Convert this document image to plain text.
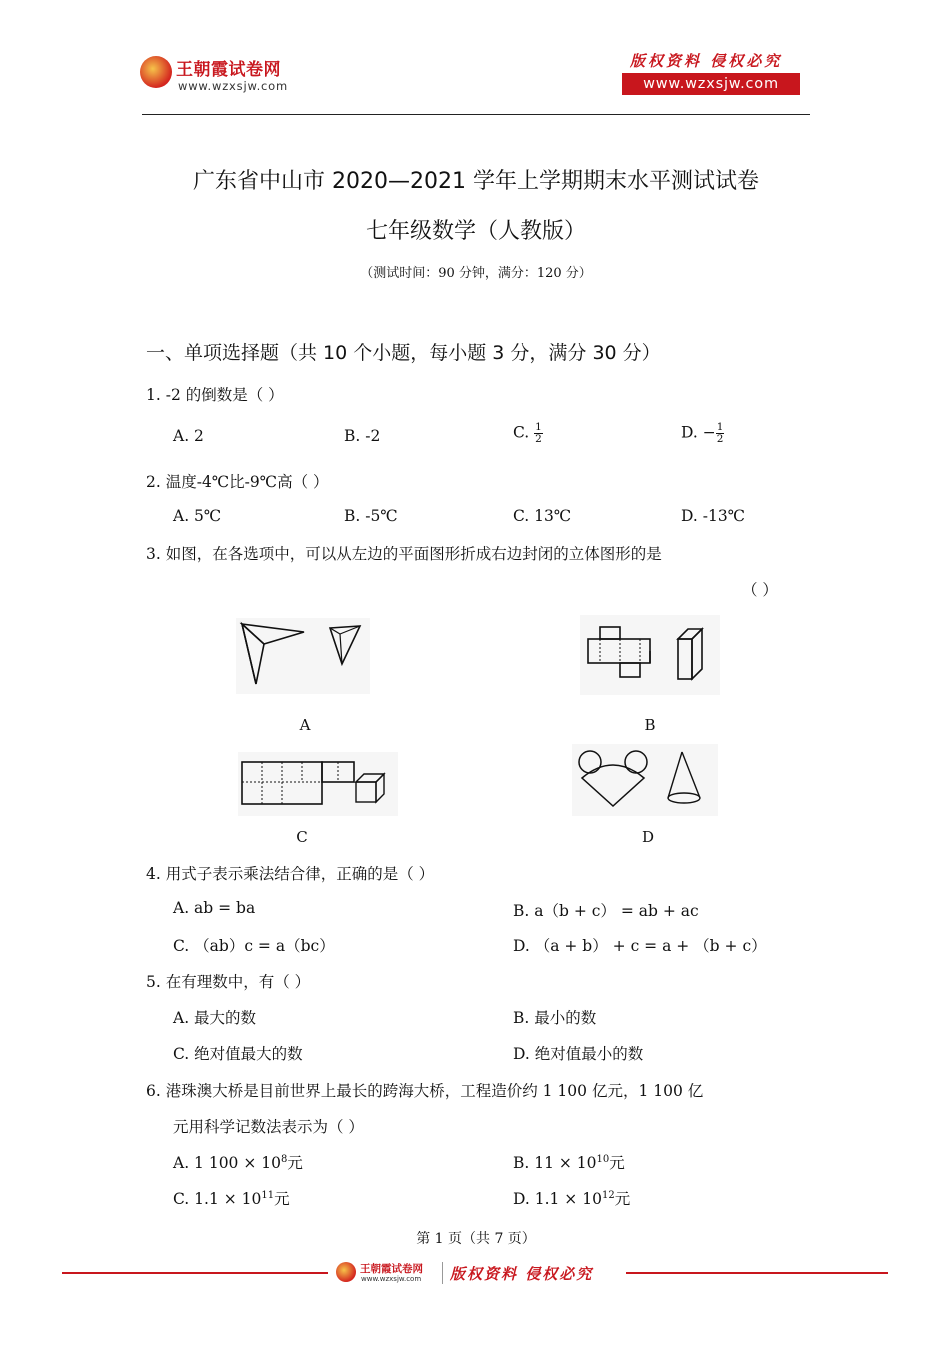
王朝霞试卷网
www.wzxsjw.com
版权资料 侵权必究
www.wzxsjw.com
广东省中山市 2020—2021 学年上学期期末水平测试试卷
七年级数学（人教版）
（测试时间：90 分钟，满分：120 分）
一、单项选择题（共 10 个小题，每小题 3 分，满分 30 分）
1. -2 的倒数是（ ）
A. 2	B. -2	C. $\frac{1}{2}$	D. − $\frac{1}{2}$
2. 温度-4℃比-9℃高（ ）
A. 5℃	B. -5℃	C. 13℃	D. -13℃
3. 如图，在各选项中，可以从左边的平面图形折成右边封闭的立体图形的是
（ ）
A	B
C	D
4. 用式子表示乘法结合律，正确的是（ ）
A. ab = ba	B. a（b + c） = ab + ac
C. （ab）c = a（bc）	D. （a + b） + c = a + （b + c）
5. 在有理数中，有（ ）
A. 最大的数	B. 最小的数
C. 绝对值最大的数	D. 绝对值最小的数
6. 港珠澳大桥是目前世界上最长的跨海大桥，工程造价约 1 100 亿元，1 100 亿
元用科学记数法表示为（ ）
A. 1 $100 \times 10^8$元	B. $11 \times 10^{10}$元
C. $1.1 \times 10^{11}$元	D. $1.1 \times 10^{12}$元
第 1 页（共 7 页）
王朝霞试卷网
www.wzxsjw.com 版权资料 侵权必究
